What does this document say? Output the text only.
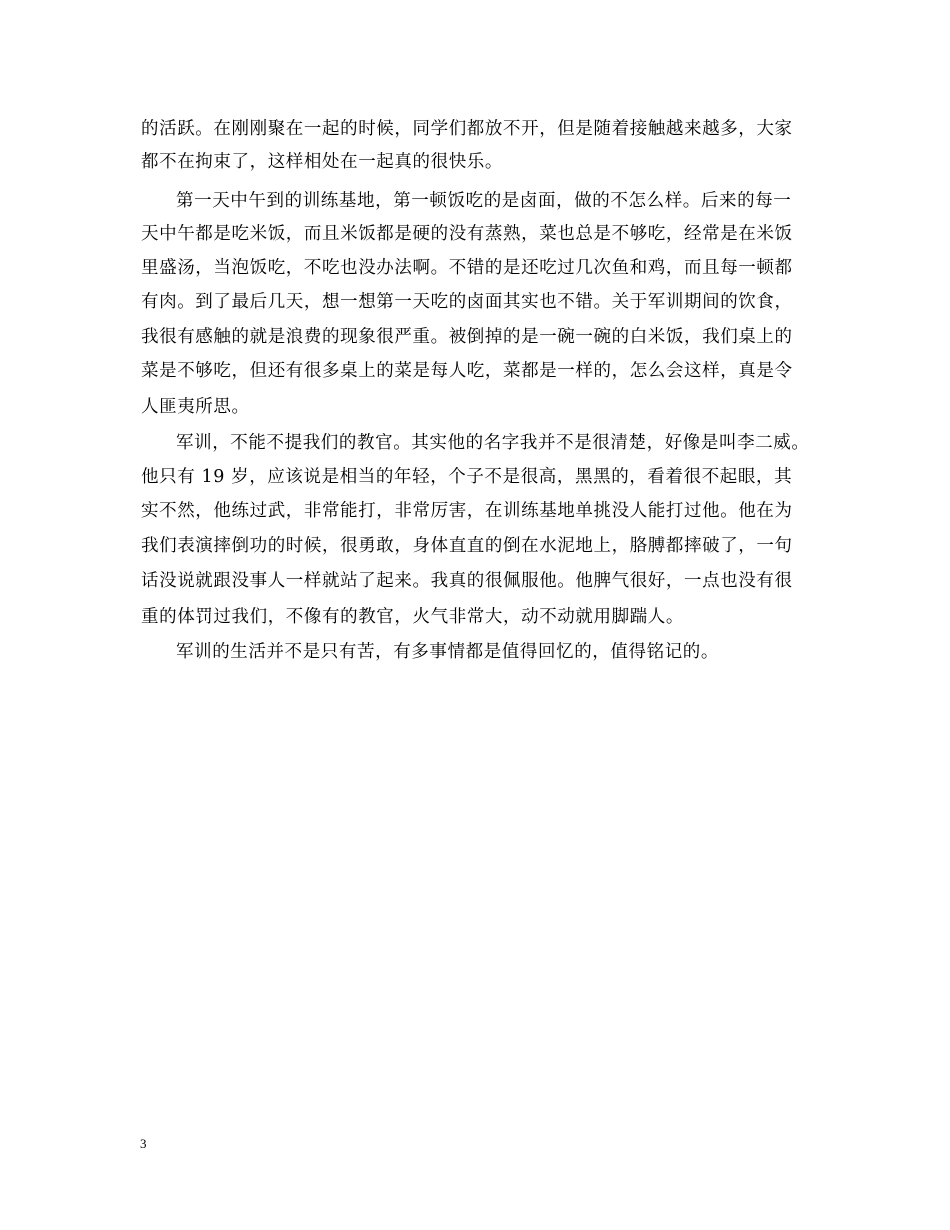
的活跃。在刚刚聚在一起的时候，同学们都放不开，但是随着接触越来越多，大家
都不在拘束了，这样相处在一起真的很快乐。
第一天中午到的训练基地，第一顿饭吃的是卤面，做的不怎么样。后来的每一
天中午都是吃米饭，而且米饭都是硬的没有蒸熟，菜也总是不够吃，经常是在米饭
里盛汤，当泡饭吃，不吃也没办法啊。不错的是还吃过几次鱼和鸡，而且每一顿都
有肉。到了最后几天，想一想第一天吃的卤面其实也不错。关于军训期间的饮食，
我很有感触的就是浪费的现象很严重。被倒掉的是一碗一碗的白米饭，我们桌上的
菜是不够吃，但还有很多桌上的菜是每人吃，菜都是一样的，怎么会这样，真是令
人匪夷所思。
军训，不能不提我们的教官。其实他的名字我并不是很清楚，好像是叫李二威。
他只有 19 岁，应该说是相当的年轻，个子不是很高，黑黑的，看着很不起眼，其
实不然，他练过武，非常能打，非常厉害，在训练基地单挑没人能打过他。他在为
我们表演摔倒功的时候，很勇敢，身体直直的倒在水泥地上，胳膊都摔破了，一句
话没说就跟没事人一样就站了起来。我真的很佩服他。他脾气很好，一点也没有很
重的体罚过我们，不像有的教官，火气非常大，动不动就用脚踹人。
军训的生活并不是只有苦，有多事情都是值得回忆的，值得铭记的。
3
